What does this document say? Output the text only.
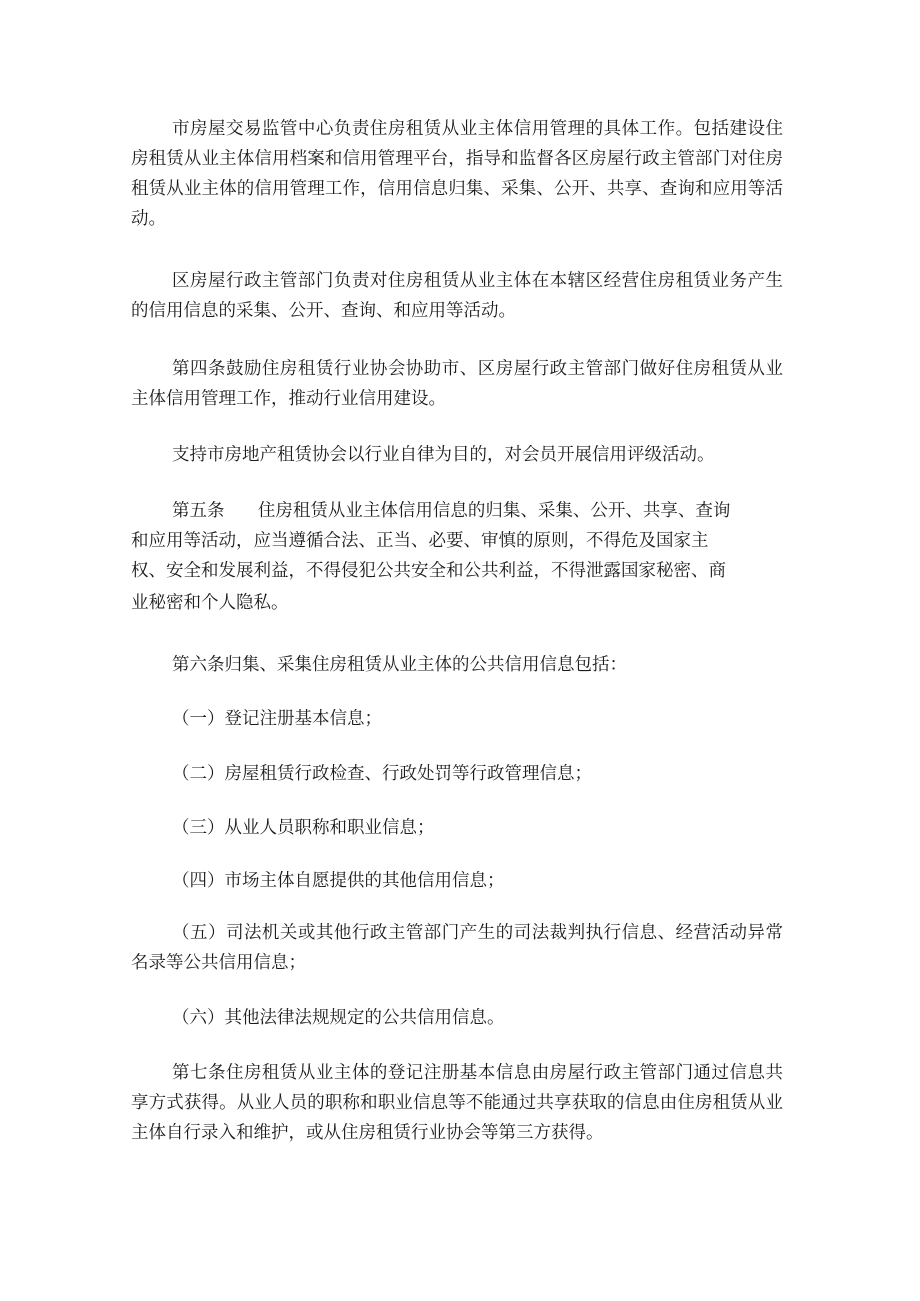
市房屋交易监管中心负责住房租赁从业主体信用管理的具体工作。包括建设住房租赁从业主体信用档案和信用管理平台，指导和监督各区房屋行政主管部门对住房租赁从业主体的信用管理工作，信用信息归集、采集、公开、共享、查询和应用等活动。

区房屋行政主管部门负责对住房租赁从业主体在本辖区经营住房租赁业务产生的信用信息的采集、公开、查询、和应用等活动。

第四条鼓励住房租赁行业协会协助市、区房屋行政主管部门做好住房租赁从业主体信用管理工作，推动行业信用建设。

支持市房地产租赁协会以行业自律为目的，对会员开展信用评级活动。

第五条      住房租赁从业主体信用信息的归集、采集、公开、共享、查询

和应用等活动，应当遵循合法、正当、必要、审慎的原则，不得危及国家主

权、安全和发展利益，不得侵犯公共安全和公共利益，不得泄露国家秘密、商

业秘密和个人隐私。

第六条归集、采集住房租赁从业主体的公共信用信息包括：

（一）登记注册基本信息；

（二）房屋租赁行政检查、行政处罚等行政管理信息；

（三）从业人员职称和职业信息；

（四）市场主体自愿提供的其他信用信息；

（五）司法机关或其他行政主管部门产生的司法裁判执行信息、经营活动异常名录等公共信用信息；

（六）其他法律法规规定的公共信用信息。

第七条住房租赁从业主体的登记注册基本信息由房屋行政主管部门通过信息共享方式获得。从业人员的职称和职业信息等不能通过共享获取的信息由住房租赁从业主体自行录入和维护，或从住房租赁行业协会等第三方获得。
